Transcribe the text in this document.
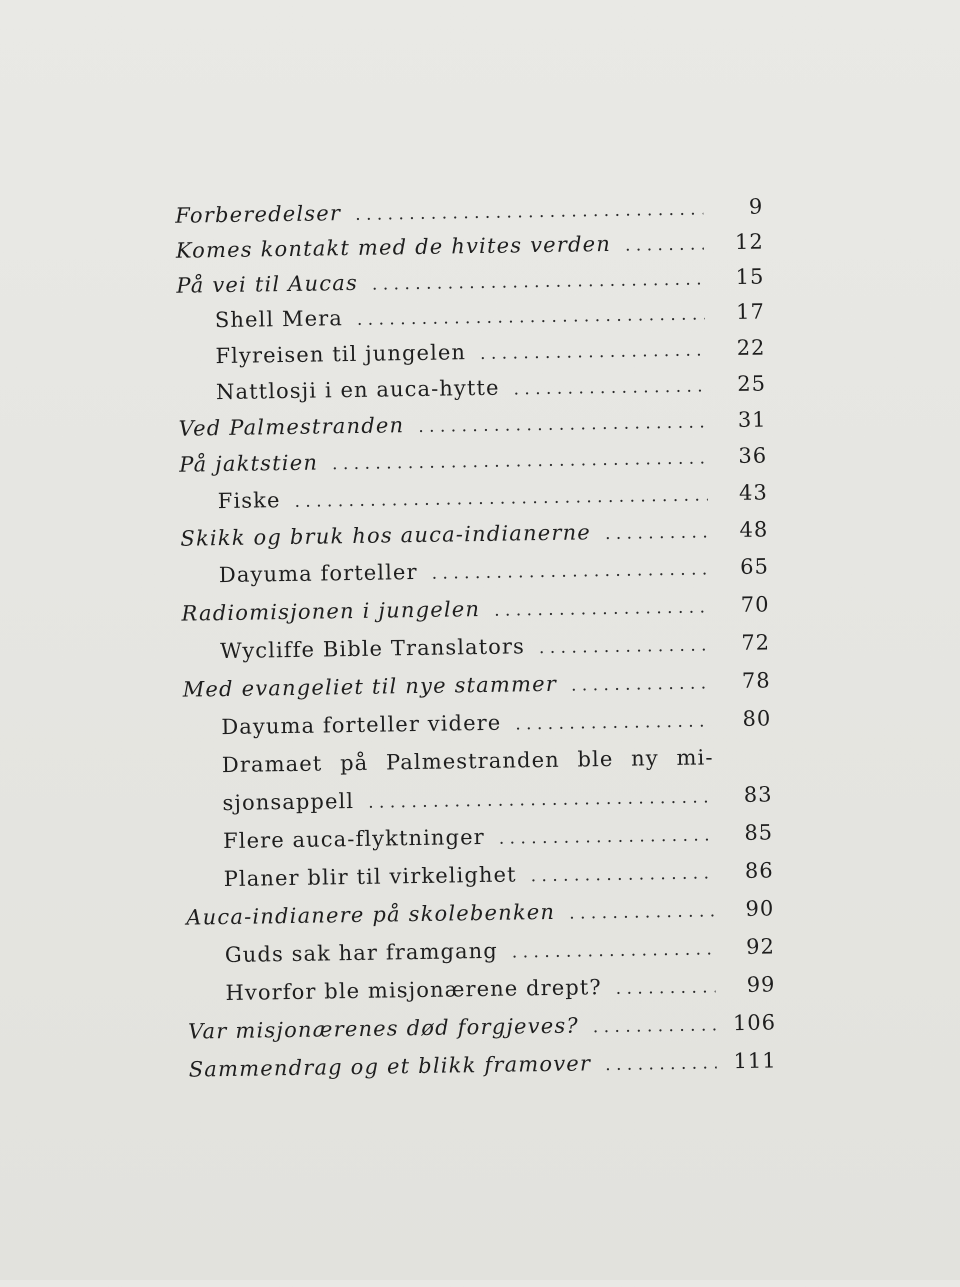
Forberedelser . . .	9
Komes kontakt med de hvites verden . . .	12
På vei til Aucas . . .	15
Shell Mera . . .	17
Flyreisen til jungelen . . .	22
Nattlosji i en auca-hytte . . .	25
Ved Palmestranden . . .	31
På jaktstien . . .	36
Fiske . . .	43
Skikk og bruk hos auca-indianerne . . .	48
Dayuma forteller . . .	65
Radiomisjonen i jungelen . . .	70
Wycliffe Bible Translators . . .	72
Med evangeliet til nye stammer . . .	78
Dayuma forteller videre . . .	80
Dramaet på Palmestranden ble ny mi-
sjonsappell . . .	83
Flere auca-flyktninger . . .	85
Planer blir til virkelighet . . .	86
Auca-indianere på skolebenken . . .	90
Guds sak har framgang . . .	92
Hvorfor ble misjonærene drept? . . .	99
Var misjonærenes død forgjeves? . . .	106
Sammendrag og et blikk framover . . .	111
